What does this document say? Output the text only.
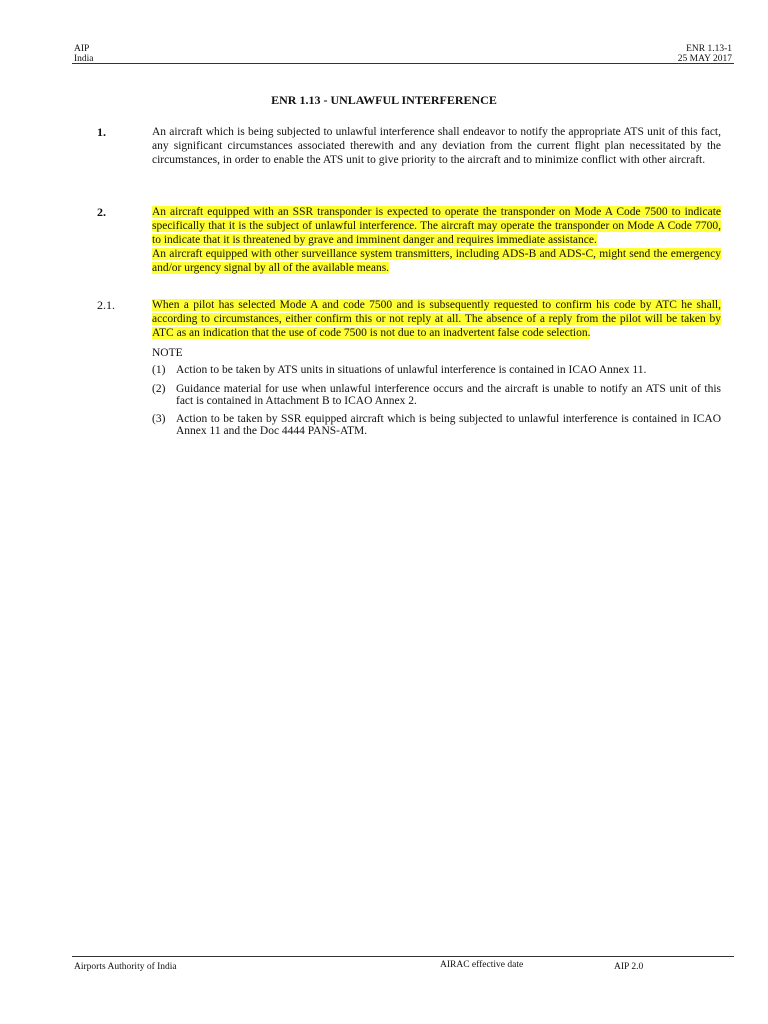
AIP
India
ENR 1.13-1
25 MAY 2017
ENR 1.13 - UNLAWFUL INTERFERENCE
1.	An aircraft which is being subjected to unlawful interference shall endeavor to notify the appropriate ATS unit of this fact, any significant circumstances associated therewith and any deviation from the current flight plan necessitated by the circumstances, in order to enable the ATS unit to give priority to the aircraft and to minimize conflict with other aircraft.
2.	An aircraft equipped with an SSR transponder is expected to operate the transponder on Mode A Code 7500 to indicate specifically that it is the subject of unlawful interference. The aircraft may operate the transponder on Mode A Code 7700, to indicate that it is threatened by grave and imminent danger and requires immediate assistance.
An aircraft equipped with other surveillance system transmitters, including ADS-B and ADS-C, might send the emergency and/or urgency signal by all of the available means.
2.1.	When a pilot has selected Mode A and code 7500 and is subsequently requested to confirm his code by ATC he shall, according to circumstances, either confirm this or not reply at all. The absence of a reply from the pilot will be taken by ATC as an indication that the use of code 7500 is not due to an inadvertent false code selection.
NOTE
(1) Action to be taken by ATS units in situations of unlawful interference is contained in ICAO Annex 11.
(2) Guidance material for use when unlawful interference occurs and the aircraft is unable to notify an ATS unit of this fact is contained in Attachment B to ICAO Annex 2.
(3) Action to be taken by SSR equipped aircraft which is being subjected to unlawful interference is contained in ICAO Annex 11 and the Doc 4444 PANS-ATM.
Airports Authority of India	AIRAC effective date	AIP 2.0
